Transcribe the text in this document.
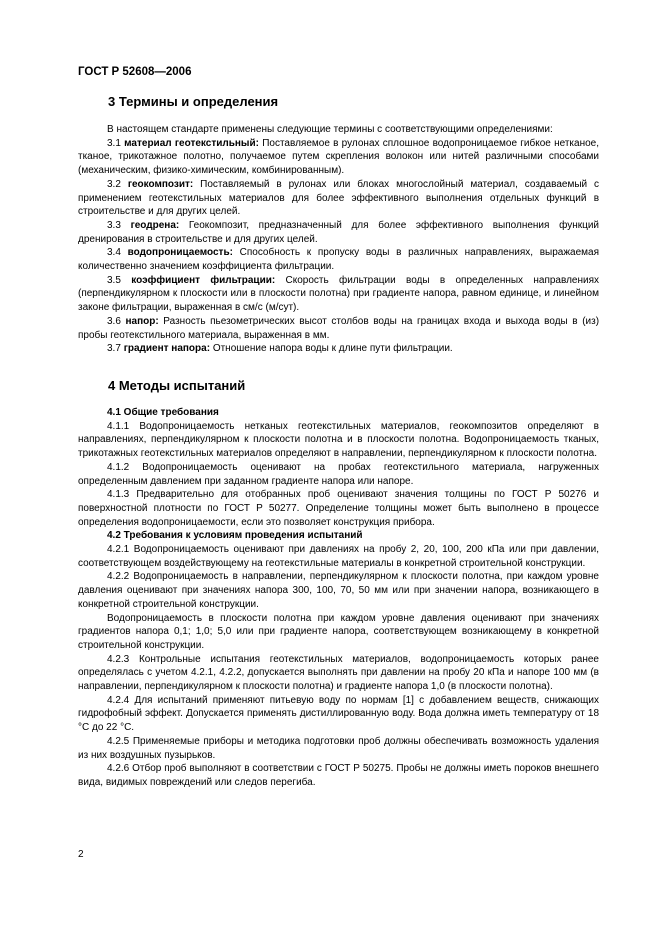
ГОСТ Р 52608—2006
3 Термины и определения

В настоящем стандарте применены следующие термины с соответствующими определениями:

3.1 материал геотекстильный: Поставляемое в рулонах сплошное водопроницаемое гибкое нетканое, тканое, трикотажное полотно, получаемое путем скрепления волокон или нитей различными способами (механическим, физико-химическим, комбинированным).

3.2 геокомпозит: Поставляемый в рулонах или блоках многослойный материал, создаваемый с применением геотекстильных материалов для более эффективного выполнения отдельных функций в строительстве и для других целей.

3.3 геодрена: Геокомпозит, предназначенный для более эффективного выполнения функций дренирования в строительстве и для других целей.

3.4 водопроницаемость: Способность к пропуску воды в различных направлениях, выражаемая количественно значением коэффициента фильтрации.

3.5 коэффициент фильтрации: Скорость фильтрации воды в определенных направлениях (перпендикулярном к плоскости или в плоскости полотна) при градиенте напора, равном единице, и линейном законе фильтрации, выраженная в см/с (м/сут).

3.6 напор: Разность пьезометрических высот столбов воды на границах входа и выхода воды в (из) пробы геотекстильного материала, выраженная в мм.

3.7 градиент напора: Отношение напора воды к длине пути фильтрации.

4 Методы испытаний

4.1 Общие требования

4.1.1 Водопроницаемость нетканых геотекстильных материалов, геокомпозитов определяют в направлениях, перпендикулярном к плоскости полотна и в плоскости полотна. Водопроницаемость тканых, трикотажных геотекстильных материалов определяют в направлении, перпендикулярном к плоскости полотна.

4.1.2 Водопроницаемость оценивают на пробах геотекстильного материала, нагруженных определенным давлением при заданном градиенте напора или напоре.

4.1.3 Предварительно для отобранных проб оценивают значения толщины по ГОСТ Р 50276 и поверхностной плотности по ГОСТ Р 50277. Определение толщины может быть выполнено в процессе определения водопроницаемости, если это позволяет конструкция прибора.

4.2 Требования к условиям проведения испытаний

4.2.1 Водопроницаемость оценивают при давлениях на пробу 2, 20, 100, 200 кПа или при давлении, соответствующем воздействующему на геотекстильные материалы в конкретной строительной конструкции.

4.2.2 Водопроницаемость в направлении, перпендикулярном к плоскости полотна, при каждом уровне давления оценивают при значениях напора 300, 100, 70, 50 мм или при значении напора, возникающего в конкретной строительной конструкции.

Водопроницаемость в плоскости полотна при каждом уровне давления оценивают при значениях градиентов напора 0,1; 1,0; 5,0 или при градиенте напора, соответствующем возникающему в конкретной строительной конструкции.

4.2.3 Контрольные испытания геотекстильных материалов, водопроницаемость которых ранее определялась с учетом 4.2.1, 4.2.2, допускается выполнять при давлении на пробу 20 кПа и напоре 100 мм (в направлении, перпендикулярном к плоскости полотна) и градиенте напора 1,0 (в плоскости полотна).

4.2.4 Для испытаний применяют питьевую воду по нормам [1] с добавлением веществ, снижающих гидрофобный эффект. Допускается применять дистиллированную воду. Вода должна иметь температуру от 18 °С до 22 °С.

4.2.5 Применяемые приборы и методика подготовки проб должны обеспечивать возможность удаления из них воздушных пузырьков.

4.2.6 Отбор проб выполняют в соответствии с ГОСТ Р 50275. Пробы не должны иметь пороков внешнего вида, видимых повреждений или следов перегиба.

2
